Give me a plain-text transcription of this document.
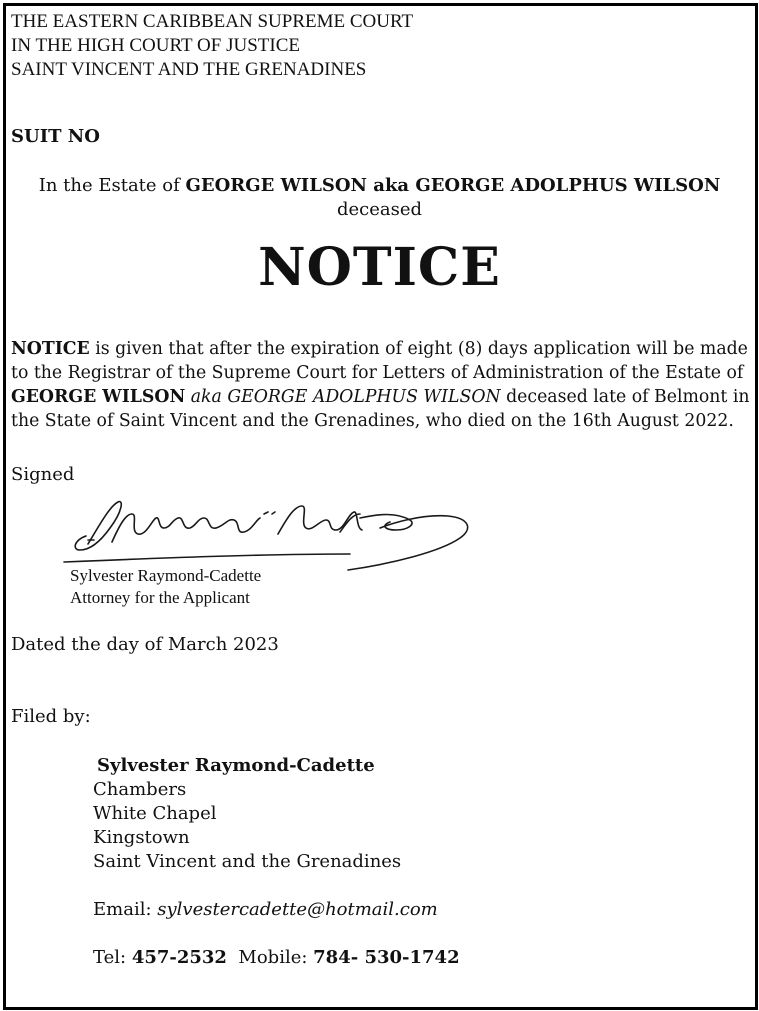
THE EASTERN CARIBBEAN SUPREME COURT

IN THE HIGH COURT OF JUSTICE

SAINT VINCENT AND THE GRENADINES

SUIT NO

In the Estate of GEORGE WILSON aka GEORGE ADOLPHUS WILSON

deceased

NOTICE

NOTICE is given that after the expiration of eight (8) days application will be made to the Registrar of the Supreme Court for Letters of Administration of the Estate of GEORGE WILSON aka GEORGE ADOLPHUS WILSON deceased late of Belmont in the State of Saint Vincent and the Grenadines, who died on the 16th August 2022.

Signed

Sylvester Raymond-Cadette

Attorney for the Applicant

Dated the day of March 2023

Filed by:

Sylvester Raymond-Cadette

Chambers

White Chapel

Kingstown

Saint Vincent and the Grenadines

Email: sylvestercadette@hotmail.com

Tel: 457-2532  Mobile: 784- 530-1742
